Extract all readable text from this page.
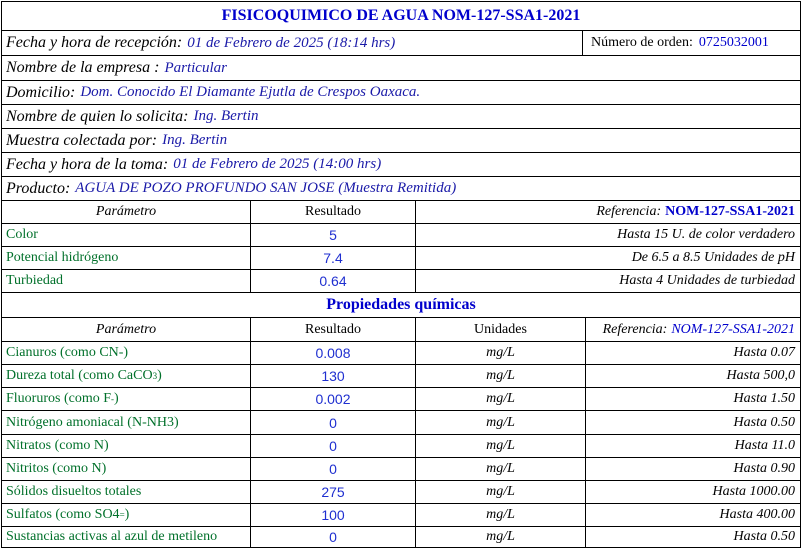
FISICOQUIMICO DE AGUA NOM-127-SSA1-2021
Fecha y hora de recepción: 01 de Febrero de 2025 (18:14 hrs)	Número de orden: 0725032001
Nombre de la empresa : Particular
Domicilio: Dom. Conocido El Diamante Ejutla de Crespos Oaxaca.
Nombre de quien lo solicita: Ing. Bertin
Muestra colectada por: Ing. Bertin
Fecha y hora de la toma: 01 de Febrero de 2025 (14:00 hrs)
Producto: AGUA DE POZO PROFUNDO SAN JOSE (Muestra Remitida)
Parámetro	Resultado	Referencia: NOM-127-SSA1-2021
Color	5	Hasta 15 U. de color verdadero
Potencial hidrógeno	7.4	De 6.5 a 8.5 Unidades de pH
Turbiedad	0.64	Hasta 4 Unidades de turbiedad
Propiedades químicas
Parámetro	Resultado	Unidades	Referencia: NOM-127-SSA1-2021
Cianuros (como CN-)	0.008	mg/L	Hasta 0.07
Dureza total (como CaCO 3 )	130	mg/L	Hasta 500,0
Fluoruros (como F - )	0.002	mg/L	Hasta 1.50
Nitrógeno amoniacal (N-NH3)	0	mg/L	Hasta 0.50
Nitratos (como N)	0	mg/L	Hasta 11.0
Nitritos (como N)	0	mg/L	Hasta 0.90
Sólidos disueltos totales	275	mg/L	Hasta 1000.00
Sulfatos (como SO4 = )	100	mg/L	Hasta 400.00
Sustancias activas al azul de metileno	0	mg/L	Hasta 0.50
